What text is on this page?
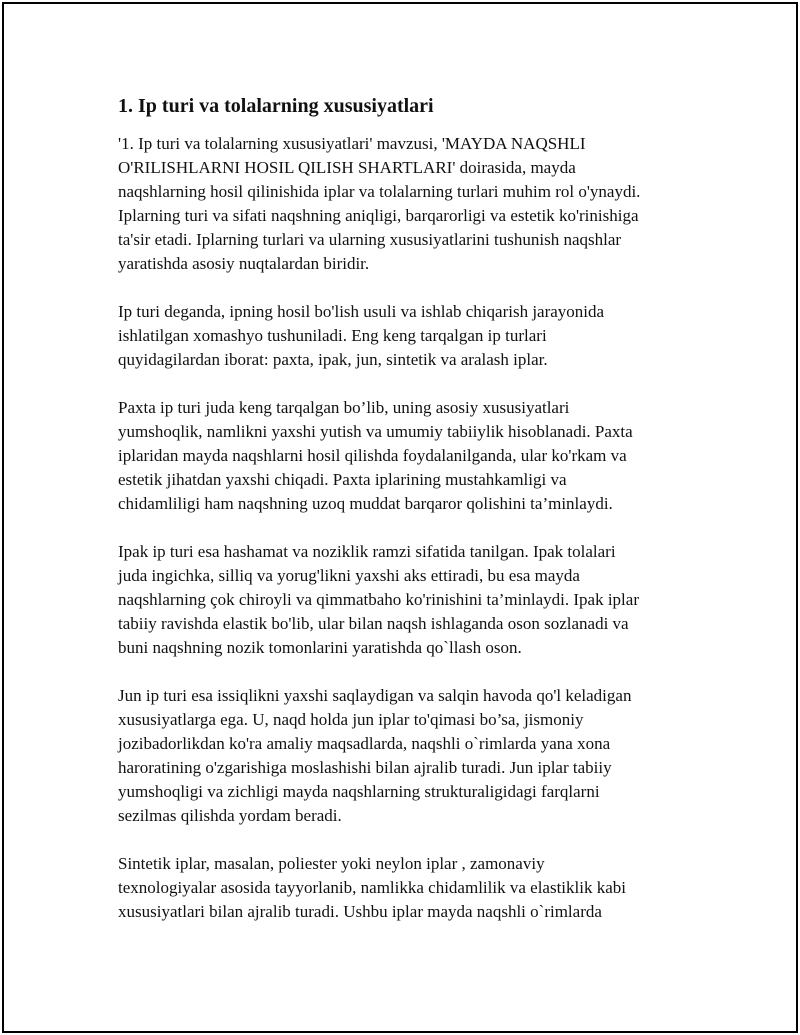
1. Ip turi va tolalarning xususiyatlari

'1. Ip turi va tolalarning xususiyatlari' mavzusi, 'MAYDA NAQSHLI
O'RILISHLARNI HOSIL QILISH SHARTLARI' doirasida, mayda
naqshlarning hosil qilinishida iplar va tolalarning turlari muhim rol o'ynaydi.
Iplarning turi va sifati naqshning aniqligi, barqarorligi va estetik ko'rinishiga
ta'sir etadi. Iplarning turlari va ularning xususiyatlarini tushunish naqshlar
yaratishda asosiy nuqtalardan biridir.

Ip turi deganda, ipning hosil bo'lish usuli va ishlab chiqarish jarayonida
ishlatilgan xomashyo tushuniladi. Eng keng tarqalgan ip turlari
quyidagilardan iborat: paxta, ipak, jun, sintetik va aralash iplar.

Paxta ip turi juda keng tarqalgan bo’lib, uning asosiy xususiyatlari
yumshoqlik, namlikni yaxshi yutish va umumiy tabiiylik hisoblanadi. Paxta
iplaridan mayda naqshlarni hosil qilishda foydalanilganda, ular ko'rkam va
estetik jihatdan yaxshi chiqadi. Paxta iplarining mustahkamligi va
chidamliligi ham naqshning uzoq muddat barqaror qolishini ta’minlaydi.

Ipak ip turi esa hashamat va noziklik ramzi sifatida tanilgan. Ipak tolalari
juda ingichka, silliq va yorug'likni yaxshi aks ettiradi, bu esa mayda
naqshlarning çok chiroyli va qimmatbaho ko'rinishini ta’minlaydi. Ipak iplar
tabiiy ravishda elastik bo'lib, ular bilan naqsh ishlaganda oson sozlanadi va
buni naqshning nozik tomonlarini yaratishda qo`llash oson.

Jun ip turi esa issiqlikni yaxshi saqlaydigan va salqin havoda qo'l keladigan
xususiyatlarga ega. U, naqd holda jun iplar to'qimasi bo’sa, jismoniy
jozibadorlikdan ko'ra amaliy maqsadlarda, naqshli o`rimlarda yana xona
haroratining o'zgarishiga moslashishi bilan ajralib turadi. Jun iplar tabiiy
yumshoqligi va zichligi mayda naqshlarning strukturaligidagi farqlarni
sezilmas qilishda yordam beradi.

Sintetik iplar, masalan, poliester yoki neylon iplar , zamonaviy
texnologiyalar asosida tayyorlanib, namlikka chidamlilik va elastiklik kabi
xususiyatlari bilan ajralib turadi. Ushbu iplar mayda naqshli o`rimlarda
